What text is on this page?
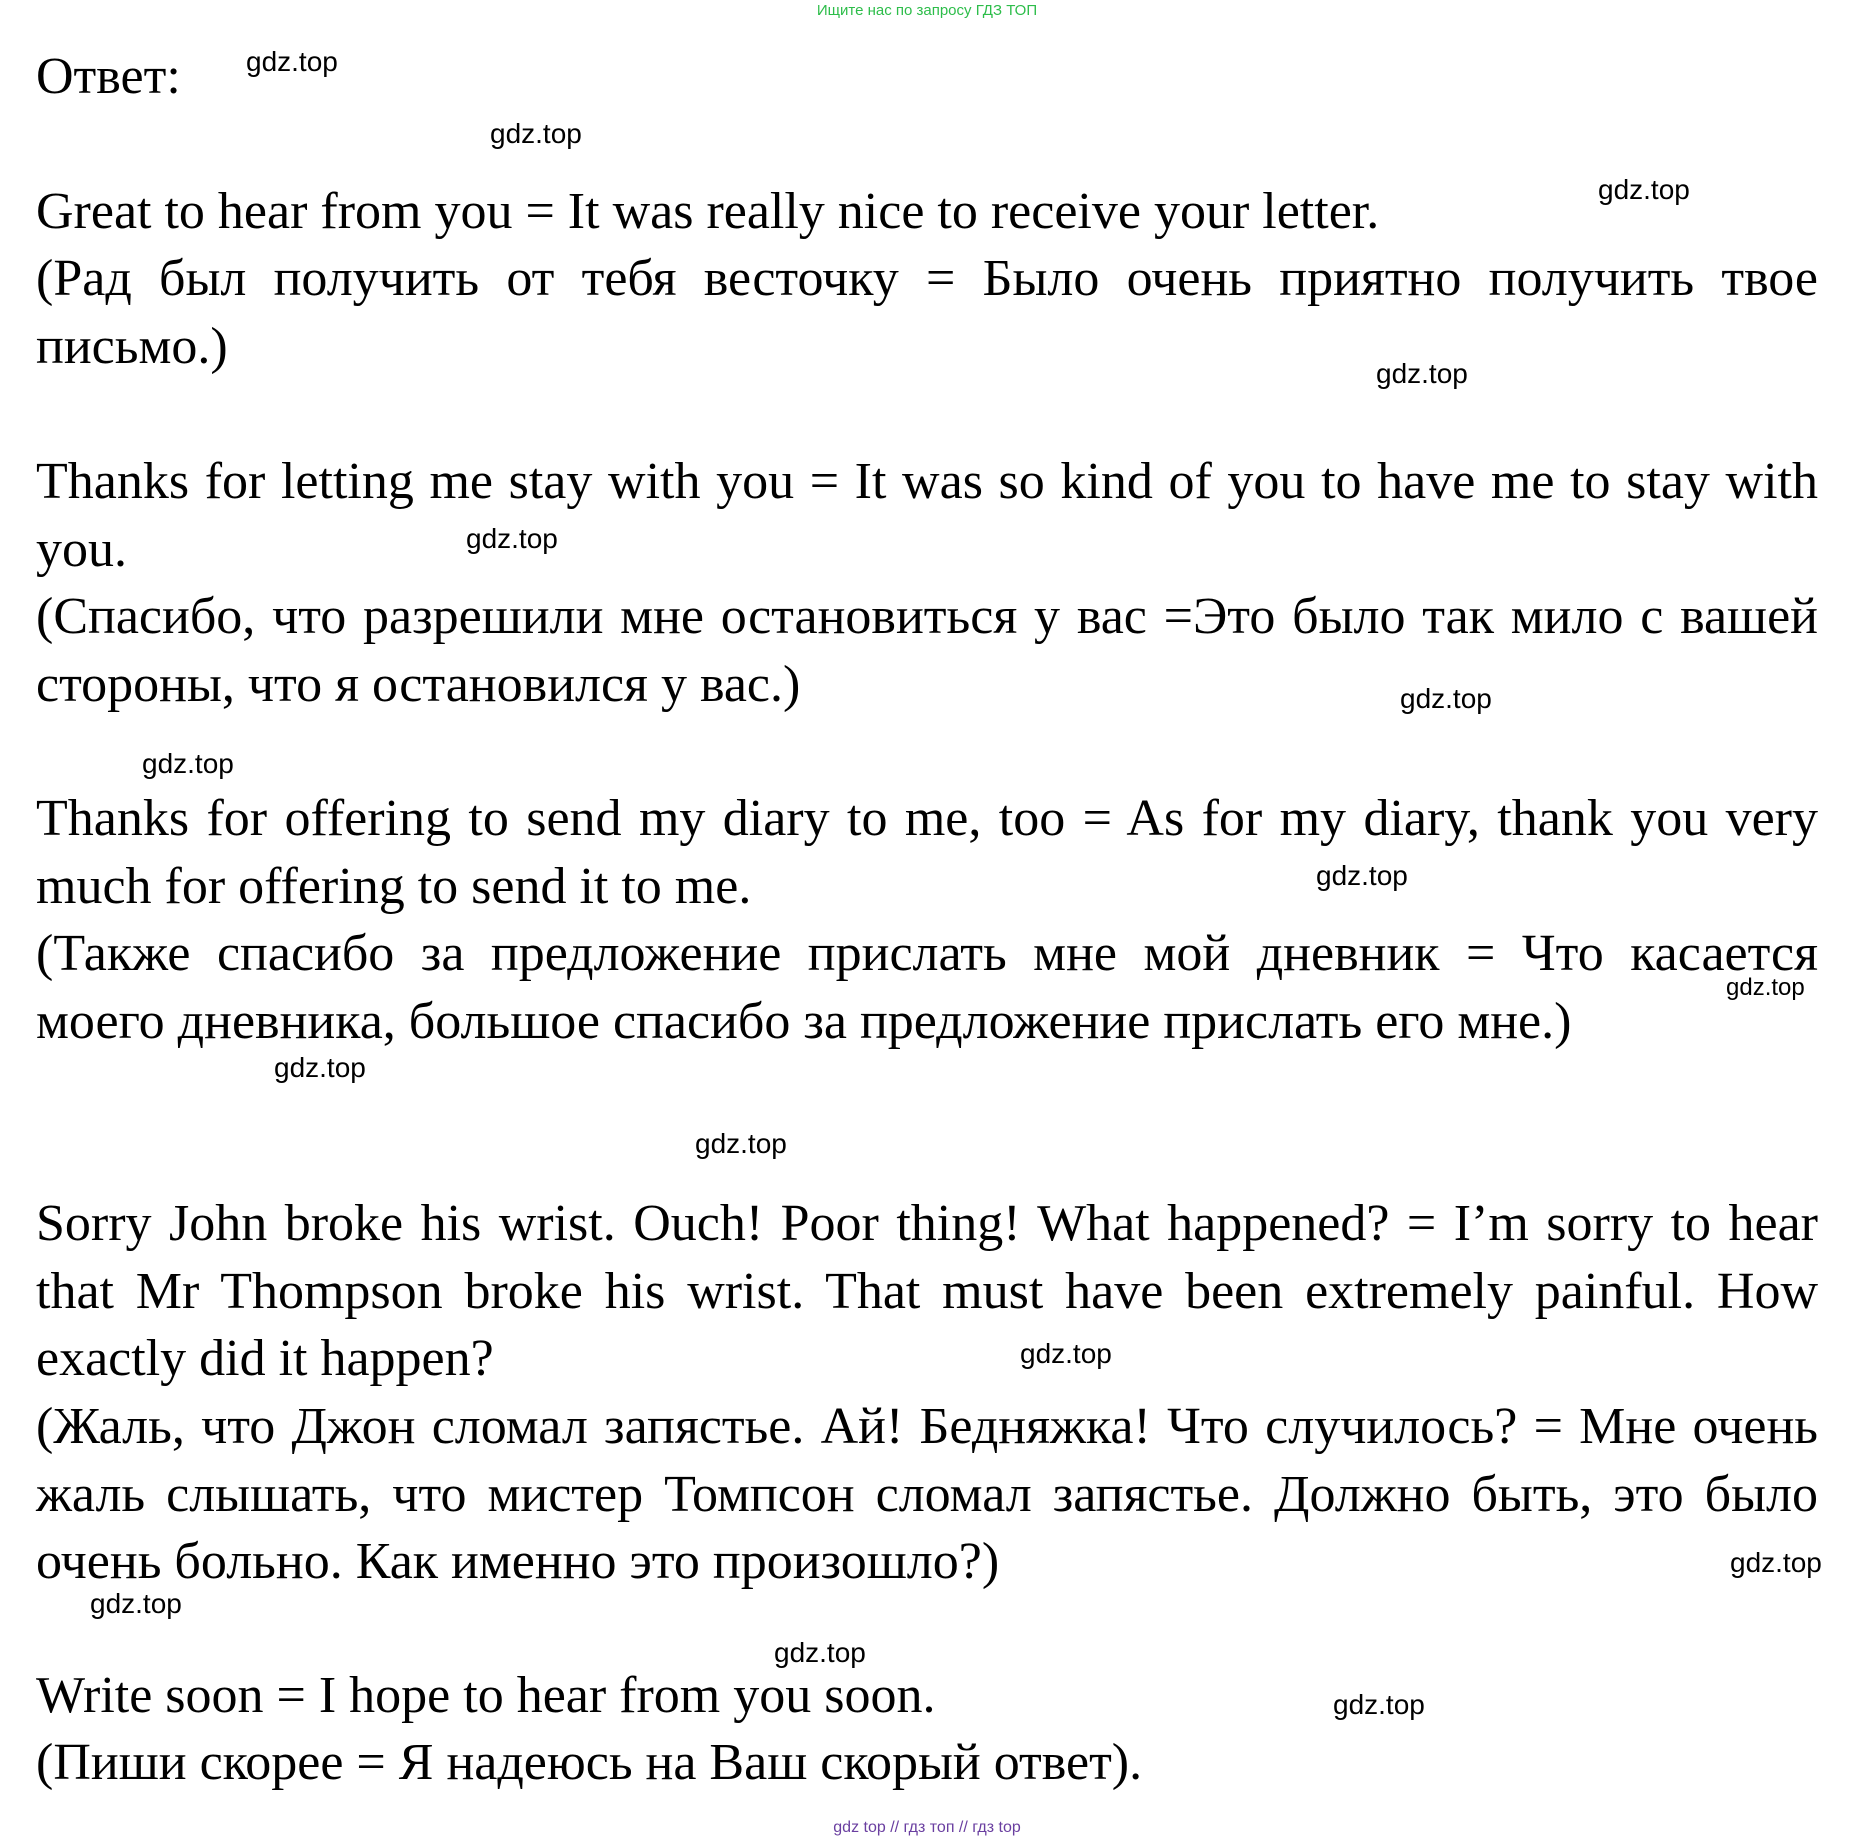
Ищите нас по запросу ГДЗ ТОП
Ответ:

Great to hear from you = It was really nice to receive your letter.

(Рад был получить от тебя весточку = Было очень приятно получить твое письмо.)

Thanks for letting me stay with you = It was so kind of you to have me to stay with you.

(Спасибо, что разрешили мне остановиться у вас =Это было так мило с вашей стороны, что я остановился у вас.)

Thanks for offering to send my diary to me, too = As for my diary, thank you very much for offering to send it to me.

(Также спасибо за предложение прислать мне мой дневник = Что касается моего дневника, большое спасибо за предложение прислать его мне.)

Sorry John broke his wrist. Ouch! Poor thing! What happened? = I’m sorry to hear that Mr Thompson broke his wrist. That must have been extremely painful. How exactly did it happen?

(Жаль, что Джон сломал запястье. Ай! Бедняжка! Что случилось? = Мне очень жаль слышать, что мистер Томпсон сломал запястье. Должно быть, это было очень больно. Как именно это произошло?)

Write soon = I hope to hear from you soon.

(Пиши скорее = Я надеюсь на Ваш скорый ответ).

gdz.top
gdz.top
gdz.top
gdz.top
gdz.top
gdz.top
gdz.top
gdz.top
gdz.top
gdz.top
gdz.top
gdz.top
gdz.top
gdz.top
gdz.top
gdz.top
gdz top // гдз топ // гдз top
